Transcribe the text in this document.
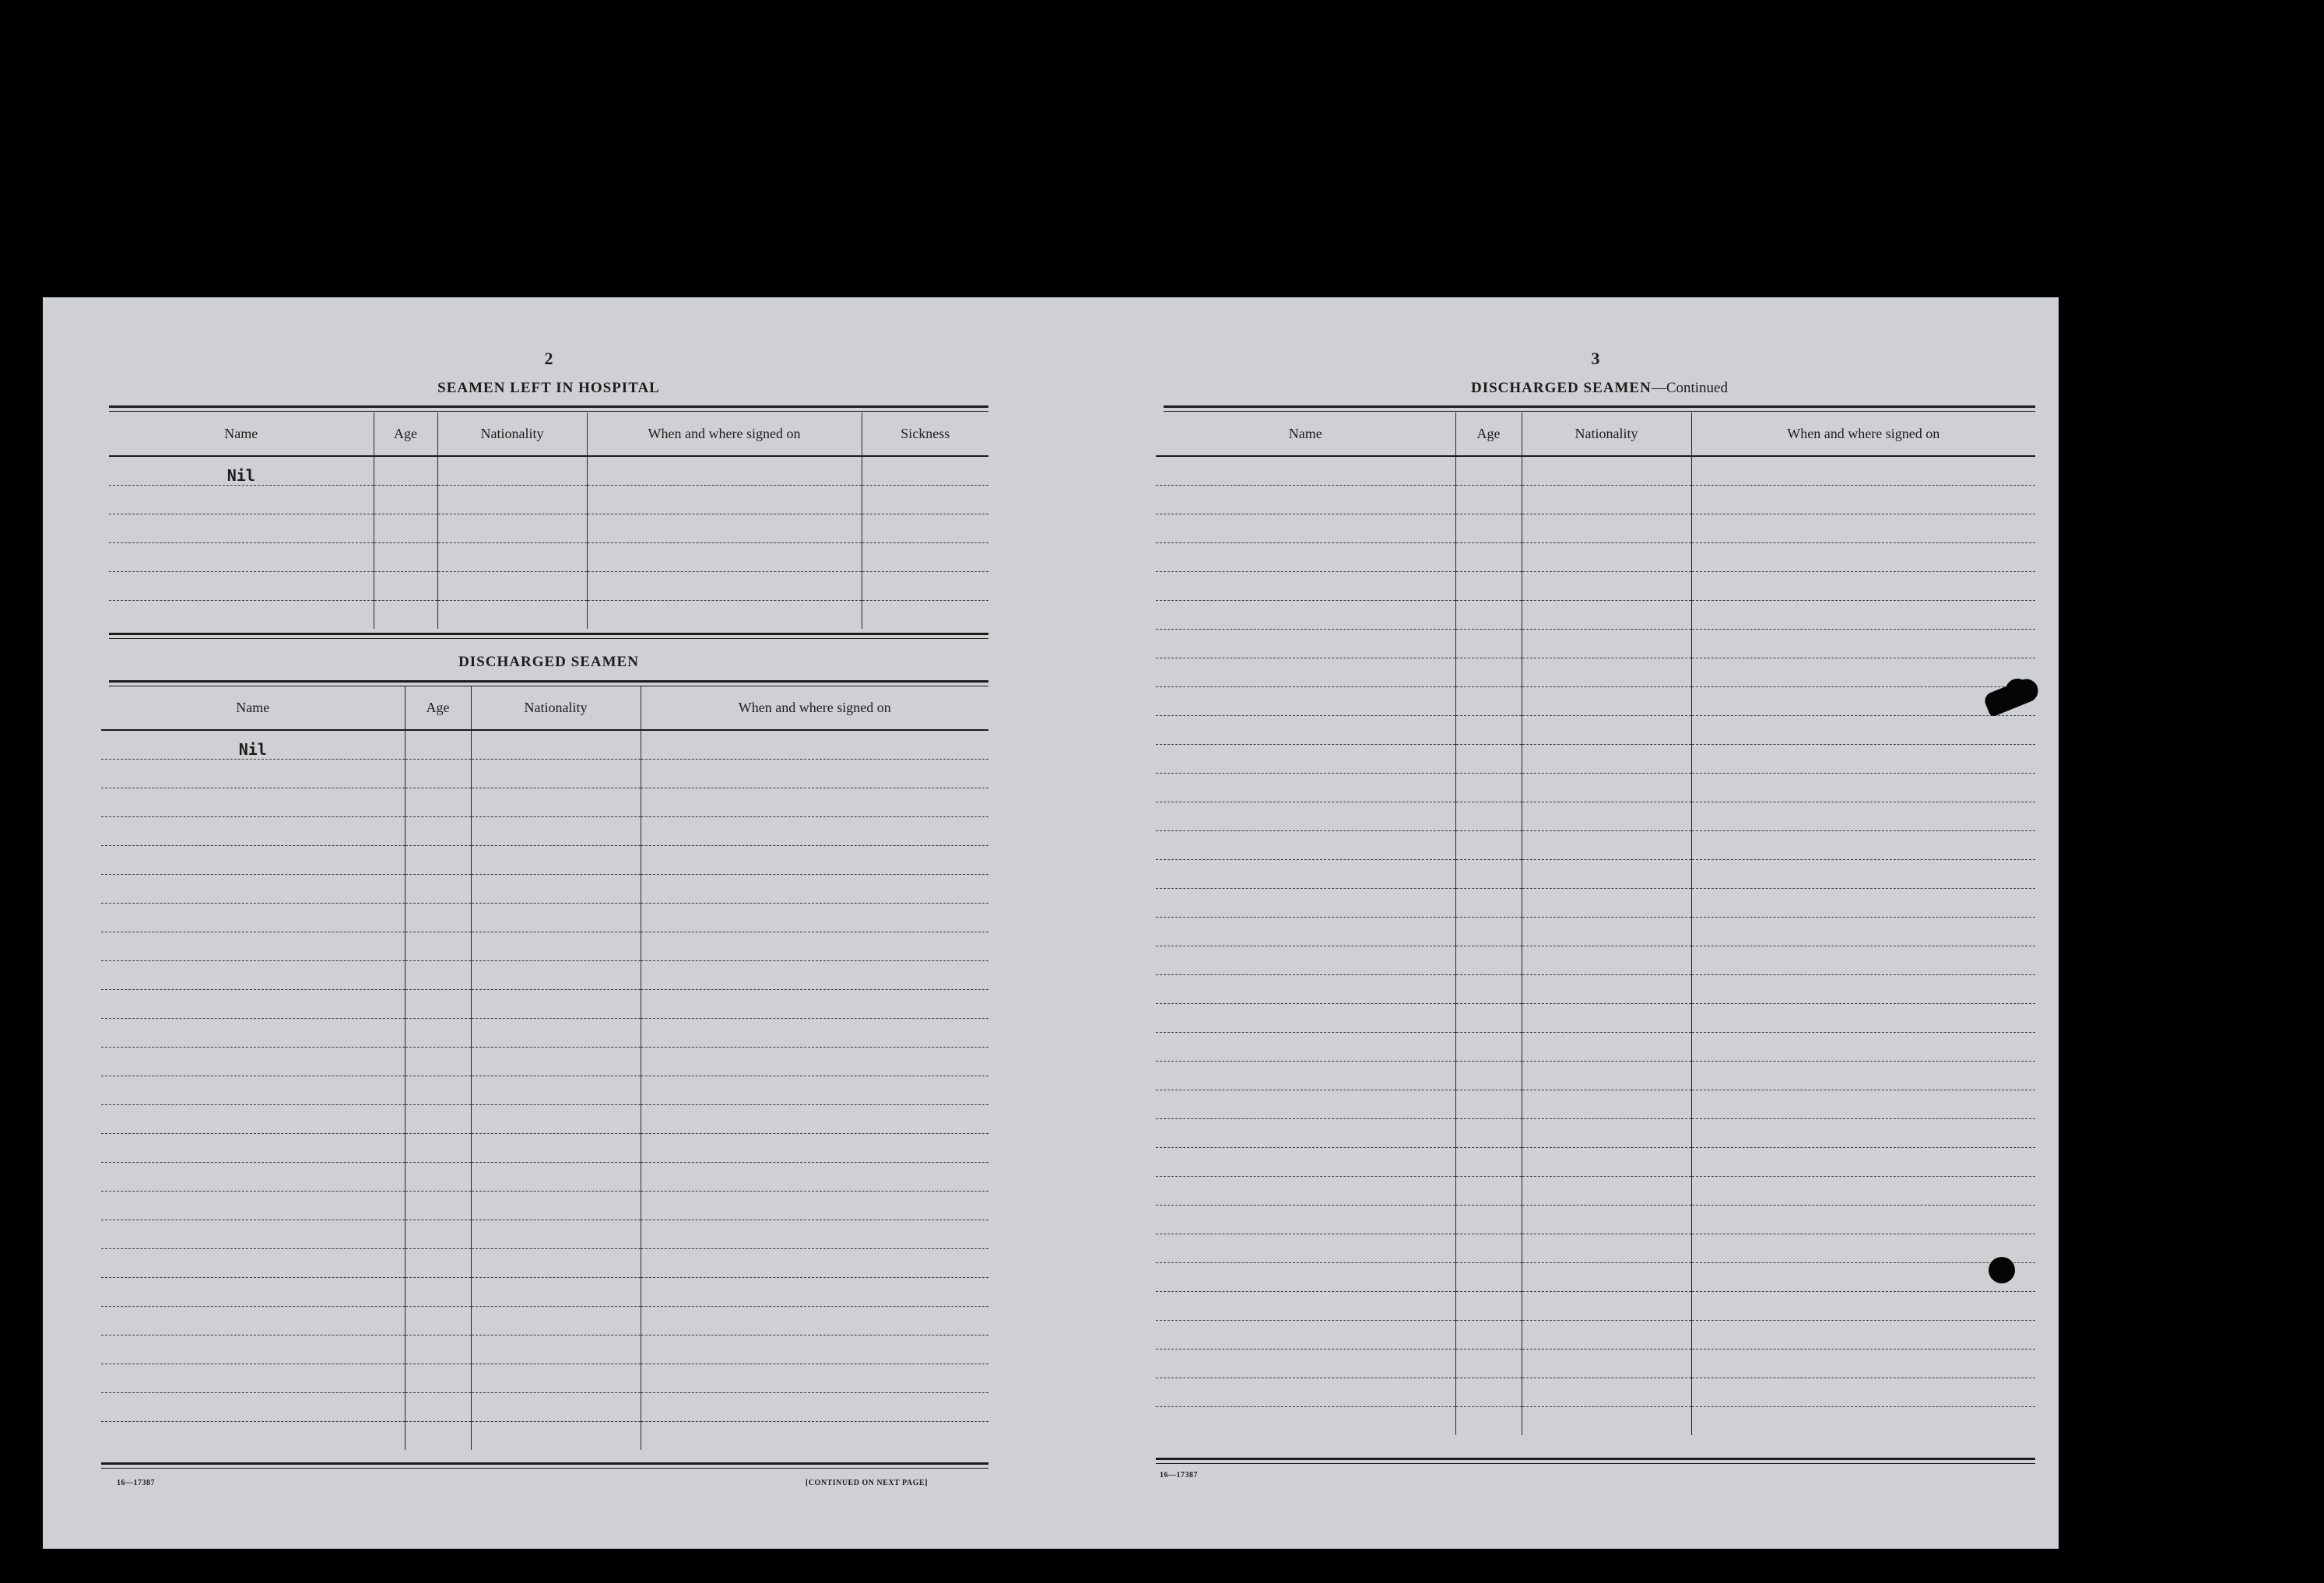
2
SEAMEN LEFT IN HOSPITAL
Name	Age	Nationality	When and where signed on	Sickness
Nil				

DISCHARGED SEAMEN
Name	Age	Nationality	When and where signed on
Nil			

16—17387	[CONTINUED ON NEXT PAGE]
3
DISCHARGED SEAMEN—Continued
Name	Age	Nationality	When and where signed on

16—17387
